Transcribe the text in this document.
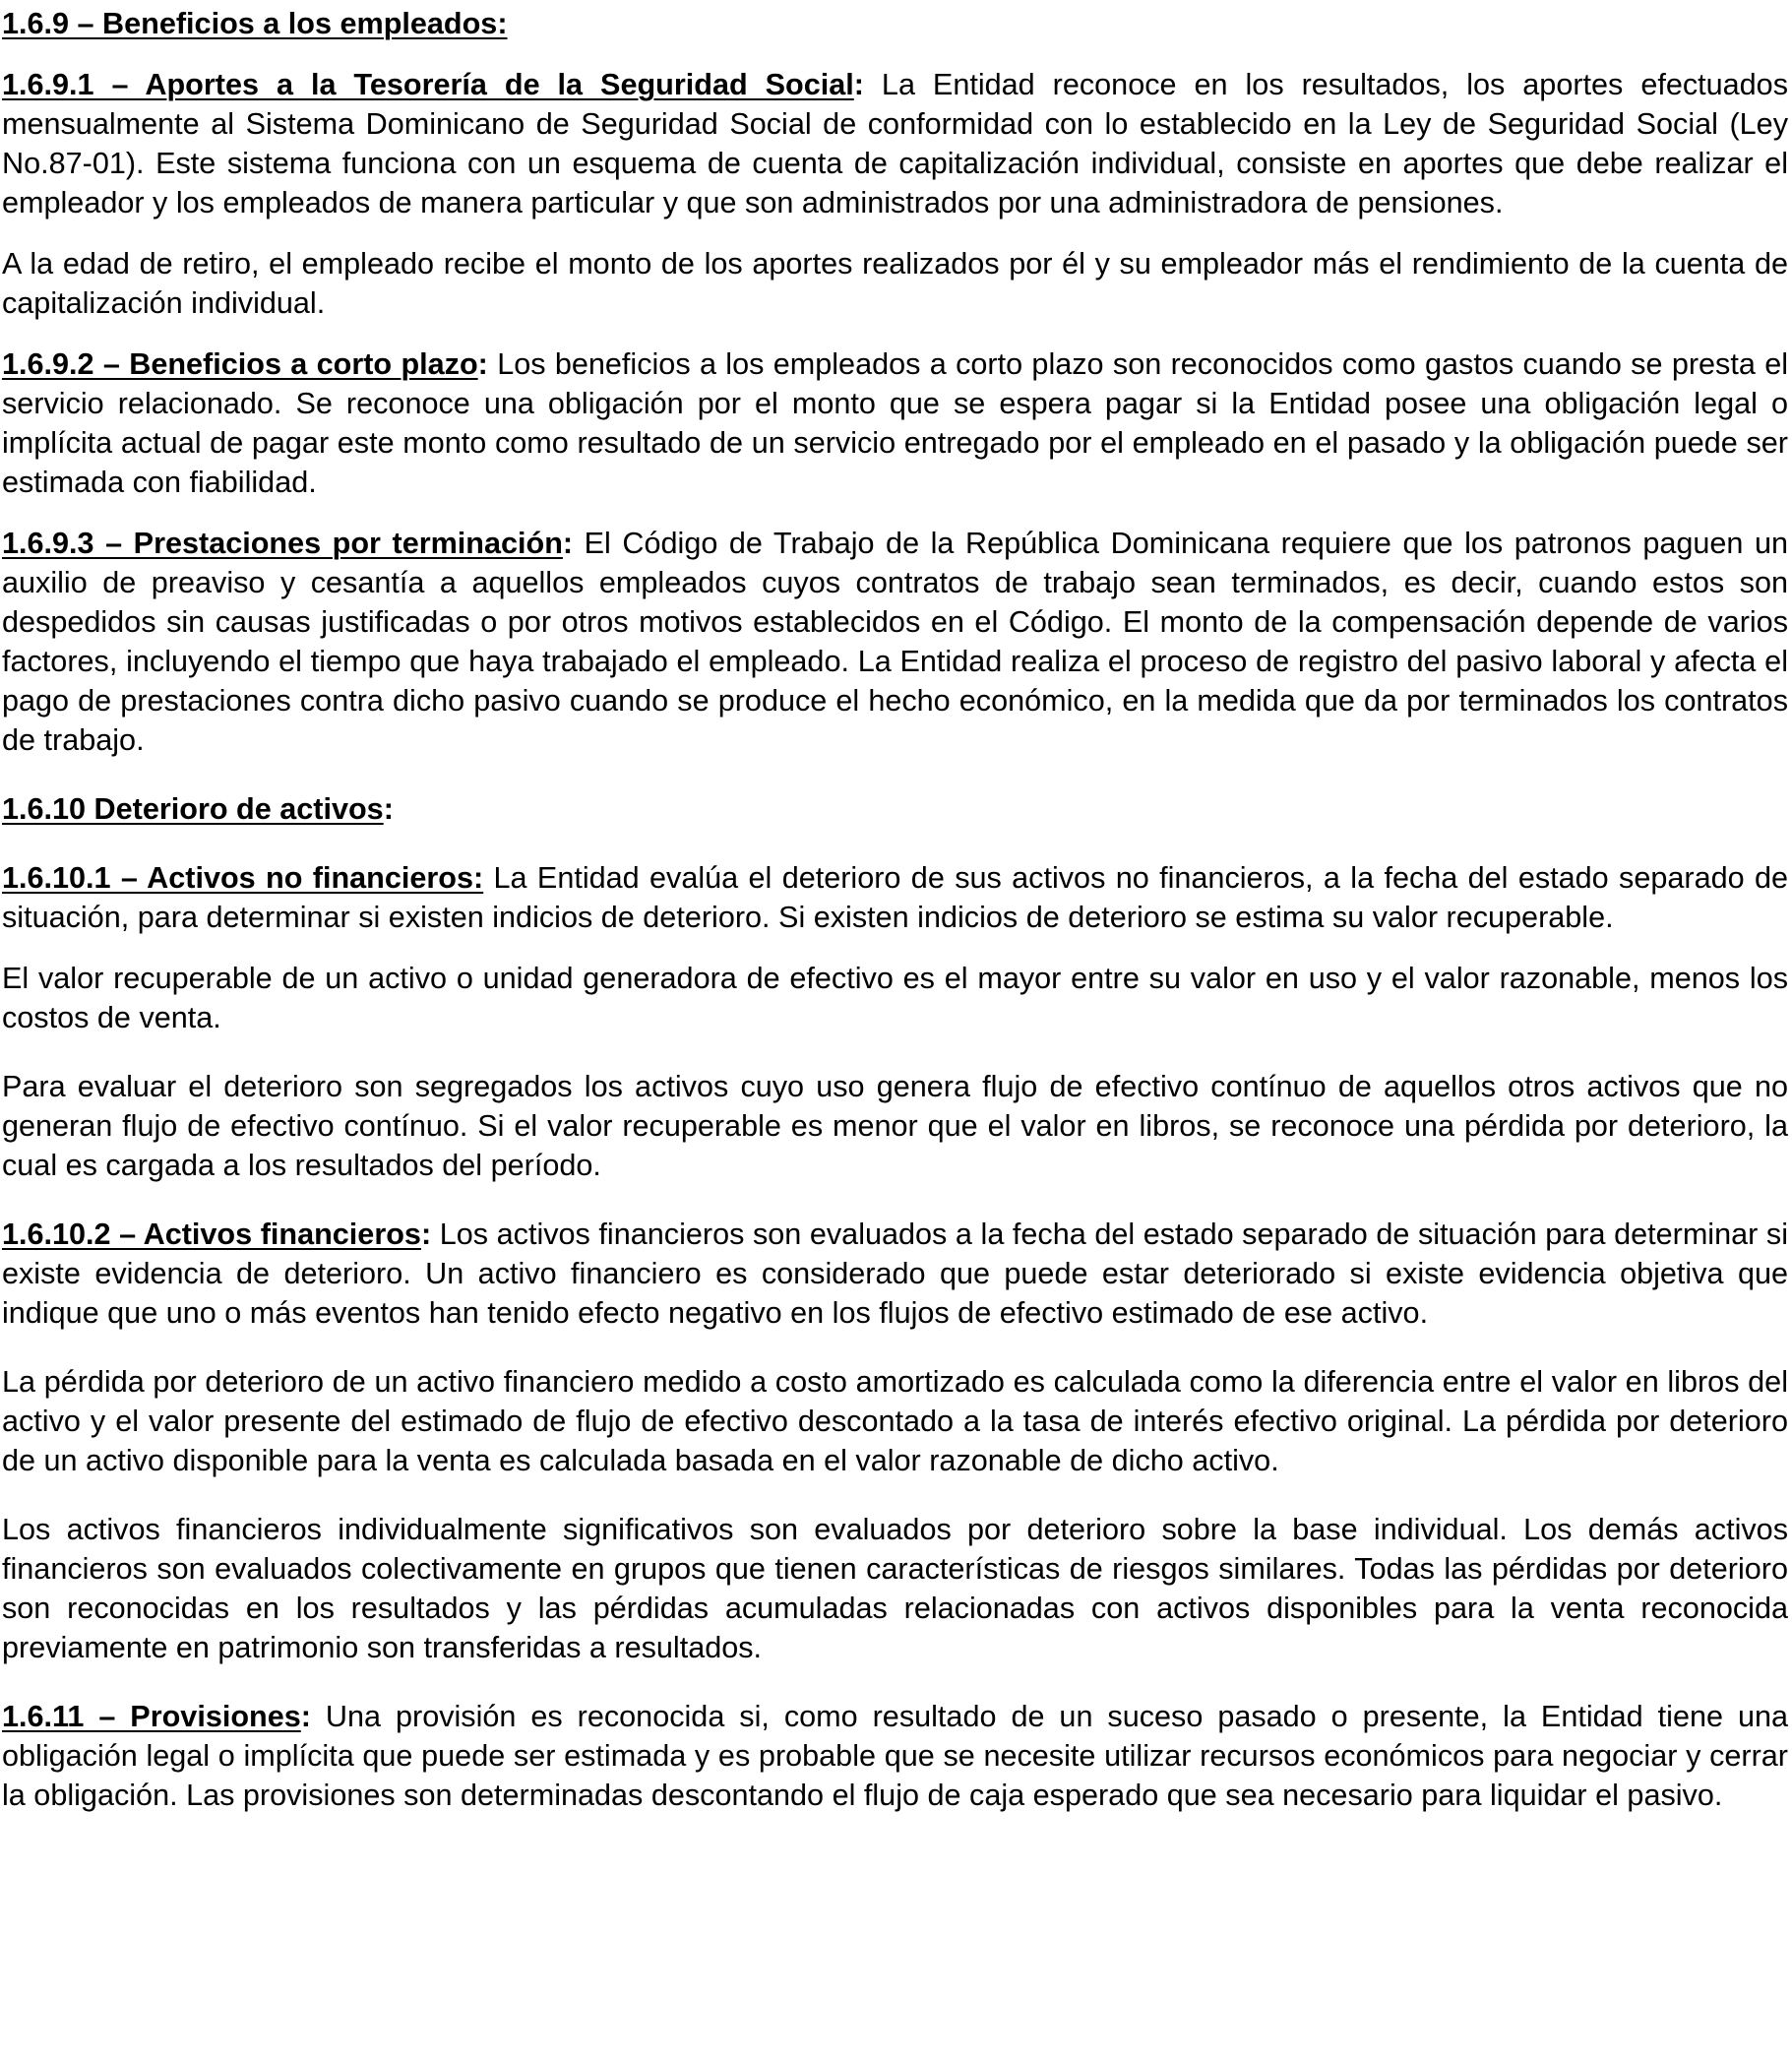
1.6.9 – Beneficios a los empleados:

1.6.9.1 – Aportes a la Tesorería de la Seguridad Social: La Entidad reconoce en los resultados, los aportes efectuados mensualmente al Sistema Dominicano de Seguridad Social de conformidad con lo establecido en la Ley de Seguridad Social (Ley No.87-01). Este sistema funciona con un esquema de cuenta de capitalización individual, consiste en aportes que debe realizar el empleador y los empleados de manera particular y que son administrados por una administradora de pensiones.

A la edad de retiro, el empleado recibe el monto de los aportes realizados por él y su empleador más el rendimiento de la cuenta de capitalización individual.

1.6.9.2 – Beneficios a corto plazo: Los beneficios a los empleados a corto plazo son reconocidos como gastos cuando se presta el servicio relacionado. Se reconoce una obligación por el monto que se espera pagar si la Entidad posee una obligación legal o implícita actual de pagar este monto como resultado de un servicio entregado por el empleado en el pasado y la obligación puede ser estimada con fiabilidad.

1.6.9.3 – Prestaciones por terminación: El Código de Trabajo de la República Dominicana requiere que los patronos paguen un auxilio de preaviso y cesantía a aquellos empleados cuyos contratos de trabajo sean terminados, es decir, cuando estos son despedidos sin causas justificadas o por otros motivos establecidos en el Código. El monto de la compensación depende de varios factores, incluyendo el tiempo que haya trabajado el empleado. La Entidad realiza el proceso de registro del pasivo laboral y afecta el pago de prestaciones contra dicho pasivo cuando se produce el hecho económico, en la medida que da por terminados los contratos de trabajo.

1.6.10 Deterioro de activos:

1.6.10.1 – Activos no financieros: La Entidad evalúa el deterioro de sus activos no financieros, a la fecha del estado separado de situación, para determinar si existen indicios de deterioro. Si existen indicios de deterioro se estima su valor recuperable.

El valor recuperable de un activo o unidad generadora de efectivo es el mayor entre su valor en uso y el valor razonable, menos los costos de venta.

Para evaluar el deterioro son segregados los activos cuyo uso genera flujo de efectivo contínuo de aquellos otros activos que no generan flujo de efectivo contínuo. Si el valor recuperable es menor que el valor en libros, se reconoce una pérdida por deterioro, la cual es cargada a los resultados del período.

1.6.10.2 – Activos financieros: Los activos financieros son evaluados a la fecha del estado separado de situación para determinar si existe evidencia de deterioro. Un activo financiero es considerado que puede estar deteriorado si existe evidencia objetiva que indique que uno o más eventos han tenido efecto negativo en los flujos de efectivo estimado de ese activo.

La pérdida por deterioro de un activo financiero medido a costo amortizado es calculada como la diferencia entre el valor en libros del activo y el valor presente del estimado de flujo de efectivo descontado a la tasa de interés efectivo original. La pérdida por deterioro de un activo disponible para la venta es calculada basada en el valor razonable de dicho activo.

Los activos financieros individualmente significativos son evaluados por deterioro sobre la base individual. Los demás activos financieros son evaluados colectivamente en grupos que tienen características de riesgos similares. Todas las pérdidas por deterioro son reconocidas en los resultados y las pérdidas acumuladas relacionadas con activos disponibles para la venta reconocida previamente en patrimonio son transferidas a resultados.

1.6.11 – Provisiones: Una provisión es reconocida si, como resultado de un suceso pasado o presente, la Entidad tiene una obligación legal o implícita que puede ser estimada y es probable que se necesite utilizar recursos económicos para negociar y cerrar la obligación. Las provisiones son determinadas descontando el flujo de caja esperado que sea necesario para liquidar el pasivo.
